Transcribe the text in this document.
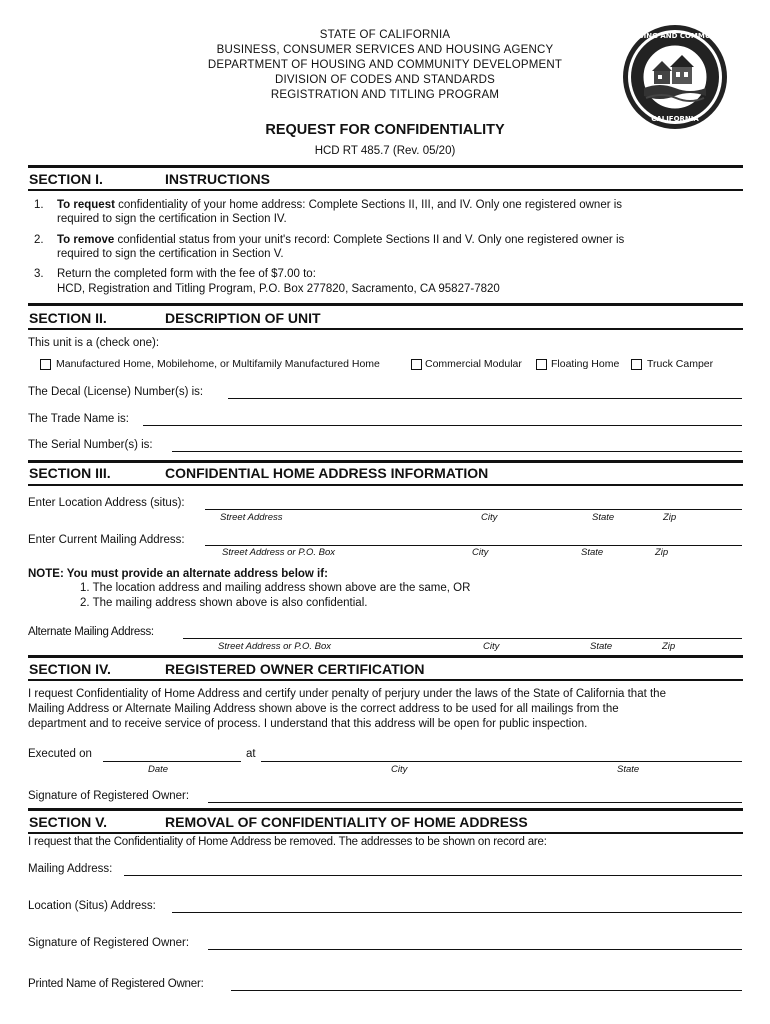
STATE OF CALIFORNIA
BUSINESS, CONSUMER SERVICES AND HOUSING AGENCY
DEPARTMENT OF HOUSING AND COMMUNITY DEVELOPMENT
DIVISION OF CODES AND STANDARDS
REGISTRATION AND TITLING PROGRAM
HOUSING AND COMMUNITY
CALIFORNIA
REQUEST FOR CONFIDENTIALITY
HCD RT 485.7 (Rev. 05/20)
SECTION I.	INSTRUCTIONS
1. To request confidentiality of your home address: Complete Sections II, III, and IV. Only one registered owner is
required to sign the certification in Section IV.
2. To remove confidential status from your unit's record: Complete Sections II and V. Only one registered owner is
required to sign the certification in Section V.
3. Return the completed form with the fee of $7.00 to:
HCD, Registration and Titling Program, P.O. Box 277820, Sacramento, CA 95827-7820
SECTION II.	DESCRIPTION OF UNIT
This unit is a (check one):
Manufactured Home, Mobilehome, or Multifamily Manufactured Home	Commercial Modular	Floating Home	Truck Camper
The Decal (License) Number(s) is:
The Trade Name is:
The Serial Number(s) is:
SECTION III.	CONFIDENTIAL HOME ADDRESS INFORMATION
Enter Location Address (situs):
Street Address	City	State	Zip
Enter Current Mailing Address:
Street Address or P.O. Box	City	State	Zip
NOTE: You must provide an alternate address below if:
1. The location address and mailing address shown above are the same, OR
2. The mailing address shown above is also confidential.
Alternate Mailing Address:
Street Address or P.O. Box	City	State	Zip
SECTION IV.	REGISTERED OWNER CERTIFICATION
I request Confidentiality of Home Address and certify under penalty of perjury under the laws of the State of California that the
Mailing Address or Alternate Mailing Address shown above is the correct address to be used for all mailings from the
department and to receive service of process. I understand that this address will be open for public inspection.
Executed on	at
Date	City	State
Signature of Registered Owner:
SECTION V.	REMOVAL OF CONFIDENTIALITY OF HOME ADDRESS
I request that the Confidentiality of Home Address be removed. The addresses to be shown on record are:
Mailing Address:
Location (Situs) Address:
Signature of Registered Owner:
Printed Name of Registered Owner:
